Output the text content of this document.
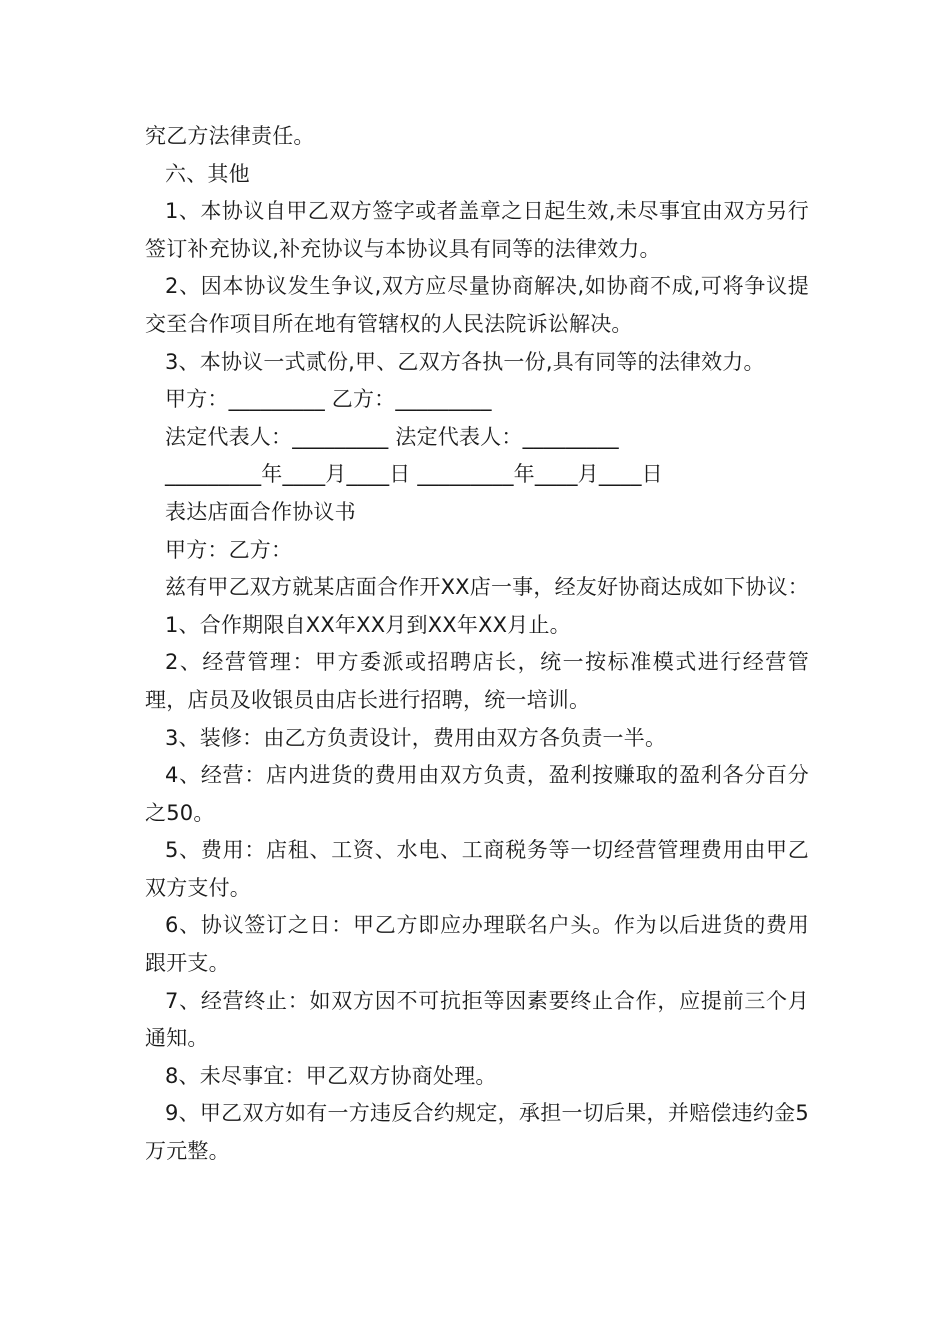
究乙方法律责任。

六、其他

1、本协议自甲乙双方签字或者盖章之日起生效,未尽事宜由双方另行签订补充协议,补充协议与本协议具有同等的法律效力。

2、因本协议发生争议,双方应尽量协商解决,如协商不成,可将争议提交至合作项目所在地有管辖权的人民法院诉讼解决。

3、本协议一式贰份,甲、乙双方各执一份,具有同等的法律效力。

甲方：_________ 乙方：_________

法定代表人：_________ 法定代表人：_________

_________年____月____日 _________年____月____日

表达店面合作协议书

甲方：乙方：

兹有甲乙双方就某店面合作开XX店一事，经友好协商达成如下协议：

1、合作期限自XX年XX月到XX年XX月止。

2、经营管理：甲方委派或招聘店长，统一按标准模式进行经营管理，店员及收银员由店长进行招聘，统一培训。

3、装修：由乙方负责设计，费用由双方各负责一半。

4、经营：店内进货的费用由双方负责，盈利按赚取的盈利各分百分之50。

5、费用：店租、工资、水电、工商税务等一切经营管理费用由甲乙双方支付。

6、协议签订之日：甲乙方即应办理联名户头。作为以后进货的费用跟开支。

7、经营终止：如双方因不可抗拒等因素要终止合作，应提前三个月通知。

8、未尽事宜：甲乙双方协商处理。

9、甲乙双方如有一方违反合约规定，承担一切后果，并赔偿违约金5万元整。
